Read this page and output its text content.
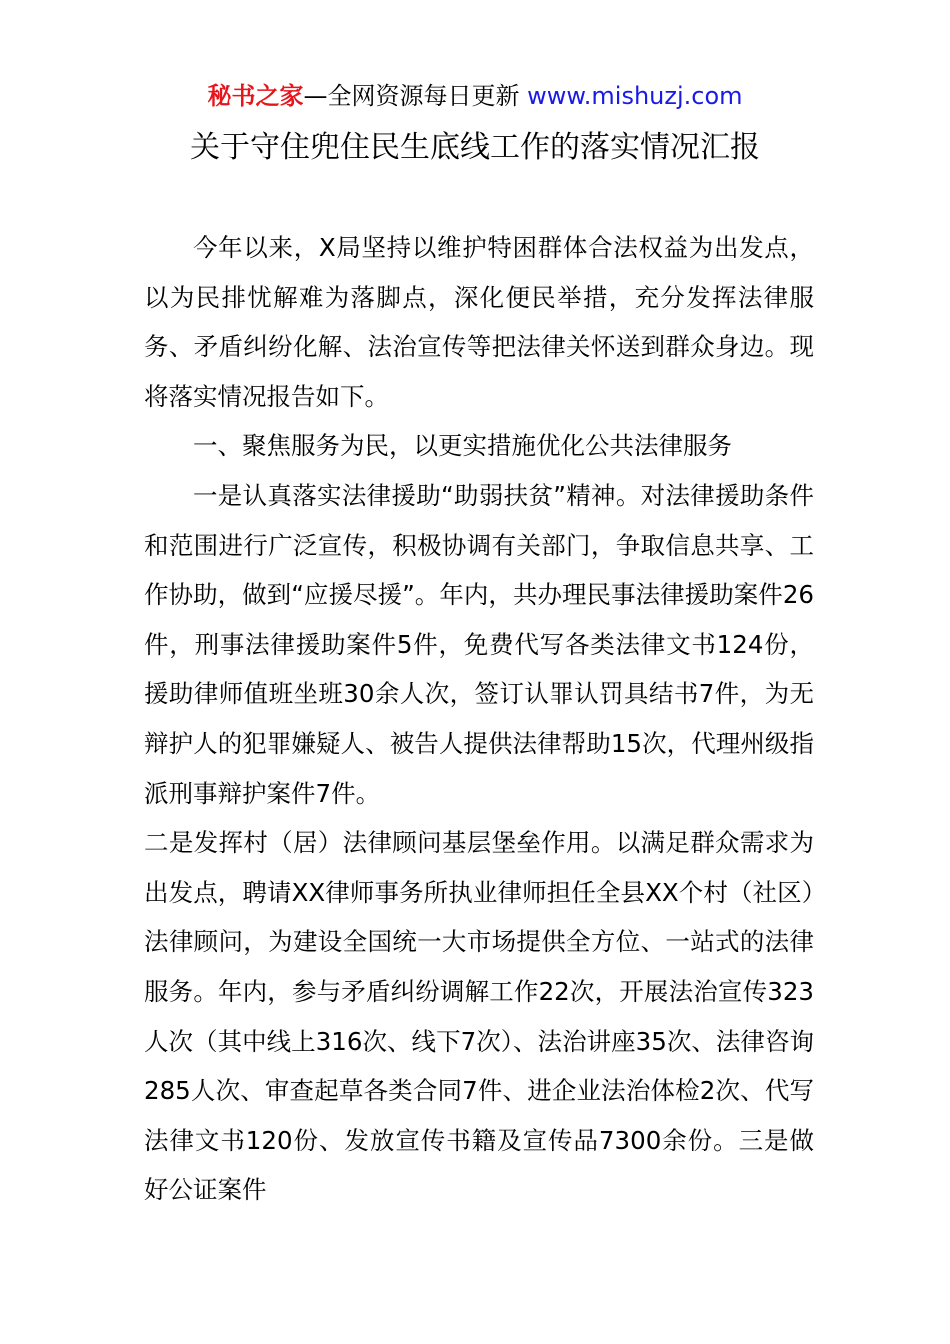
秘书之家—全网资源每日更新 www.mishuzj.com
关于守住兜住民生底线工作的落实情况汇报

今年以来，X局坚持以维护特困群体合法权益为出发点，以为民排忧解难为落脚点，深化便民举措，充分发挥法律服务、矛盾纠纷化解、法治宣传等把法律关怀送到群众身边。现将落实情况报告如下。

一、聚焦服务为民，以更实措施优化公共法律服务

一是认真落实法律援助“助弱扶贫”精神。对法律援助条件和范围进行广泛宣传，积极协调有关部门，争取信息共享、工作协助，做到“应援尽援”。年内，共办理民事法律援助案件26件，刑事法律援助案件5件，免费代写各类法律文书124份，援助律师值班坐班30余人次，签订认罪认罚具结书7件，为无辩护人的犯罪嫌疑人、被告人提供法律帮助15次，代理州级指派刑事辩护案件7件。

二是发挥村（居）法律顾问基层堡垒作用。以满足群众需求为出发点，聘请XX律师事务所执业律师担任全县XX个村（社区）法律顾问，为建设全国统一大市场提供全方位、一站式的法律服务。年内，参与矛盾纠纷调解工作22次，开展法治宣传323人次（其中线上316次、线下7次）、法治讲座35次、法律咨询285人次、审查起草各类合同7件、进企业法治体检2次、代写法律文书120份、发放宣传书籍及宣传品7300余份。三是做好公证案件
